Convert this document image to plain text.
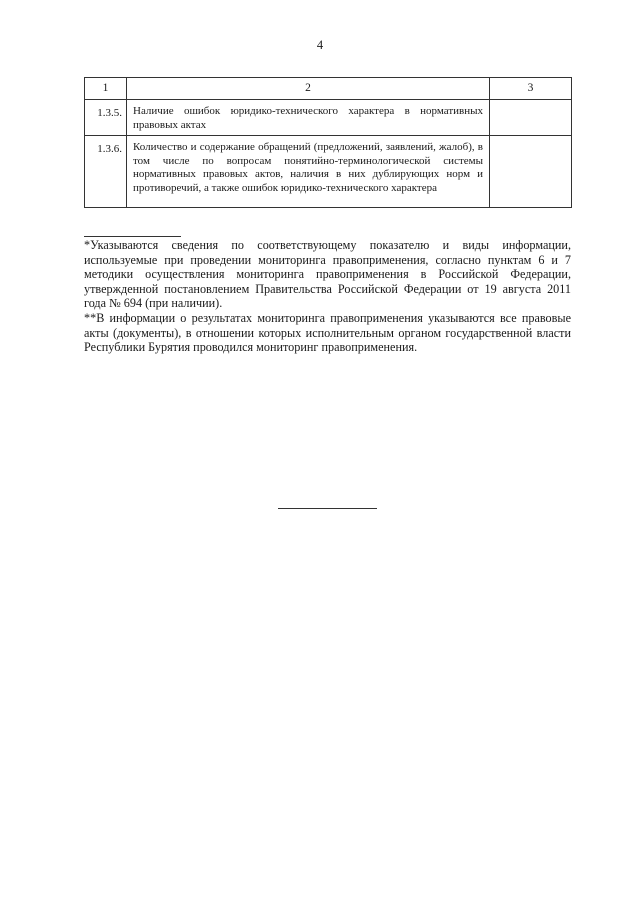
4
1	2	3
1.3.5.	Наличие ошибок юридико-технического характера в нормативных правовых актах	
1.3.6.	Количество и содержание обращений (предложений, заявлений, жалоб), в том числе по вопросам понятийно-терминологической системы нормативных правовых актов, наличия в них дублирующих норм и противоречий, а также ошибок юридико-технического характера	

*Указываются сведения по соответствующему показателю и виды информации, используемые при проведении мониторинга правоприменения, согласно пунктам 6 и 7 методики осуществления мониторинга правоприменения в Российской Федерации, утвержденной постановлением Правительства Российской Федерации от 19 августа 2011 года № 694 (при наличии).

**В информации о результатах мониторинга правоприменения указываются все правовые акты (документы), в отношении которых исполнительным органом государственной власти Республики Бурятия проводился мониторинг правоприменения.
